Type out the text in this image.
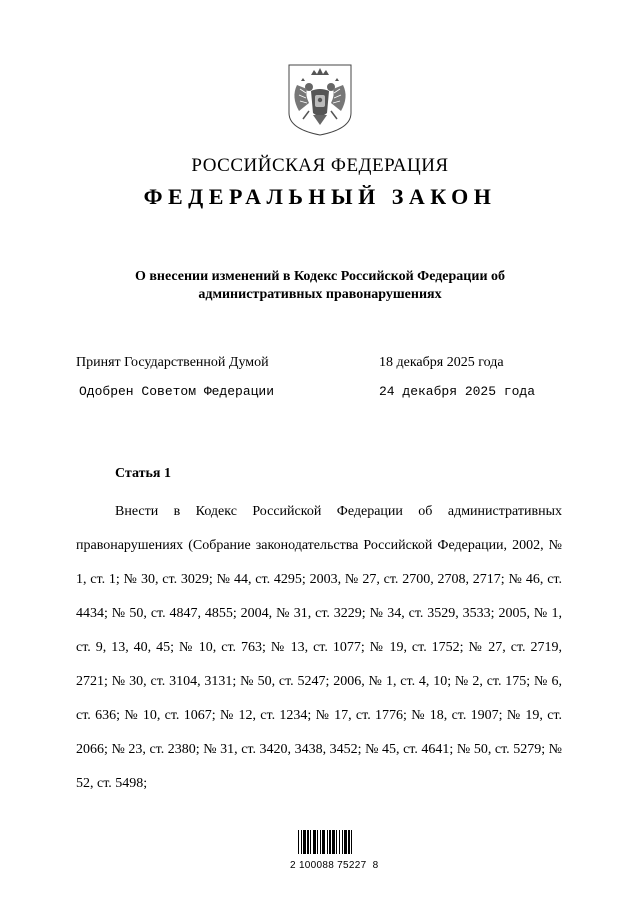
РОССИЙСКАЯ ФЕДЕРАЦИЯ
ФЕДЕРАЛЬНЫЙ ЗАКОН
О внесении изменений в Кодекс Российской Федерации об административных правонарушениях
Принят Государственной Думой	18 декабря 2025 года
Одобрен Советом Федерации	24 декабря 2025 года
Статья 1

Внести в Кодекс Российской Федерации об административных правонарушениях (Собрание законодательства Российской Федерации, 2002, № 1, ст. 1; № 30, ст. 3029; № 44, ст. 4295; 2003, № 27, ст. 2700, 2708, 2717; № 46, ст. 4434; № 50, ст. 4847, 4855; 2004, № 31, ст. 3229; № 34, ст. 3529, 3533; 2005, № 1, ст. 9, 13, 40, 45; № 10, ст. 763; № 13, ст. 1077; № 19, ст. 1752; № 27, ст. 2719, 2721; № 30, ст. 3104, 3131; № 50, ст. 5247; 2006, № 1, ст. 4, 10; № 2, ст. 175; № 6, ст. 636; № 10, ст. 1067; № 12, ст. 1234; № 17, ст. 1776; № 18, ст. 1907; № 19, ст. 2066; № 23, ст. 2380; № 31, ст. 3420, 3438, 3452; № 45, ст. 4641; № 50, ст. 5279; № 52, ст. 5498;

2 100088 75227  8
